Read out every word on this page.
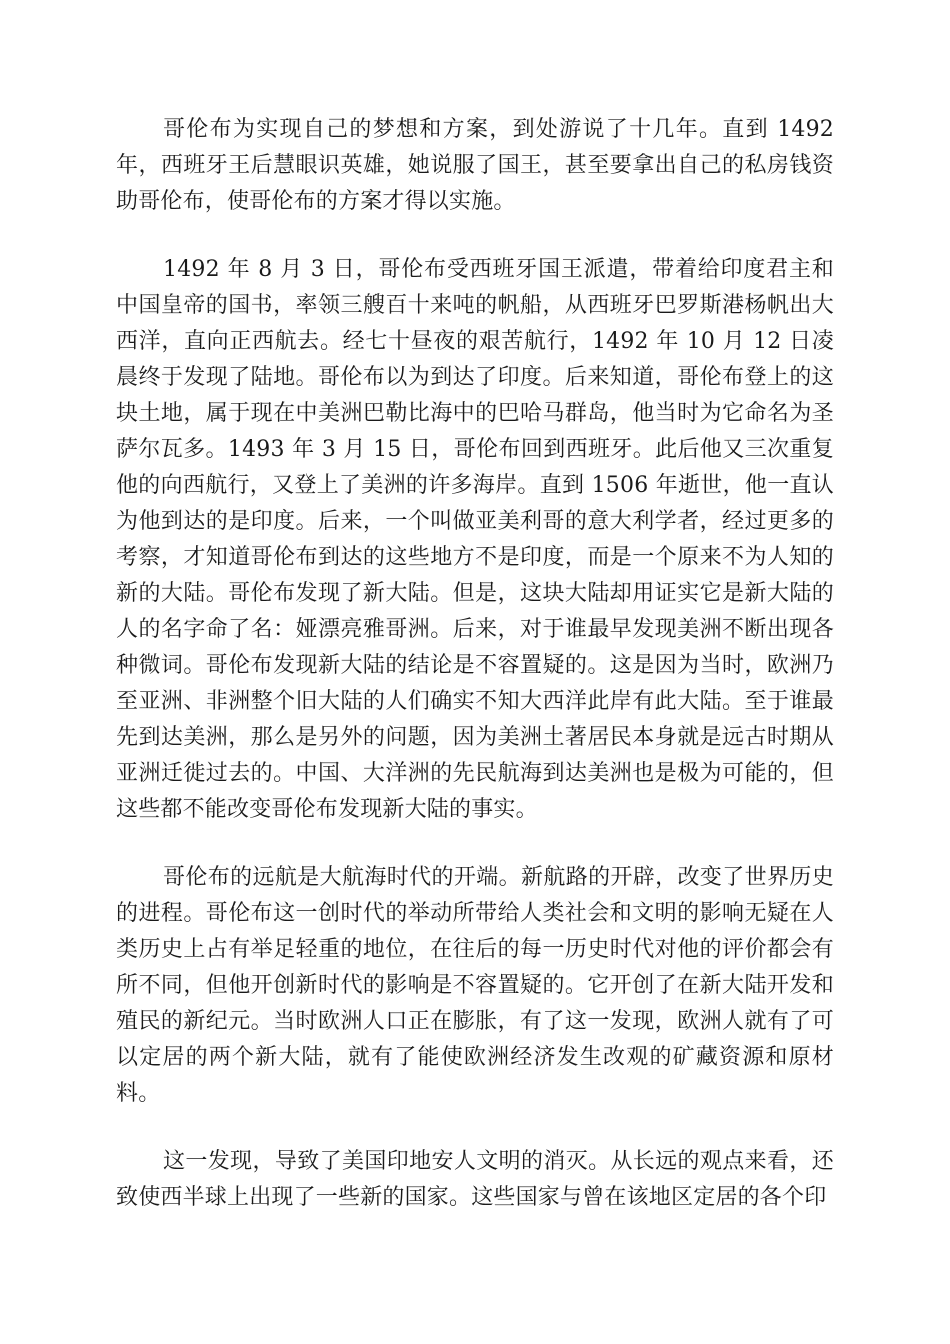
哥伦布为实现自己的梦想和方案，到处游说了十几年。直到 1492 年，西班牙王后慧眼识英雄，她说服了国王，甚至要拿出自己的私房钱资助哥伦布，使哥伦布的方案才得以实施。

1492 年 8 月 3 日，哥伦布受西班牙国王派遣，带着给印度君主和中国皇帝的国书，率领三艘百十来吨的帆船，从西班牙巴罗斯港杨帆出大西洋，直向正西航去。经七十昼夜的艰苦航行，1492 年 10 月 12 日凌晨终于发现了陆地。哥伦布以为到达了印度。后来知道，哥伦布登上的这块土地，属于现在中美洲巴勒比海中的巴哈马群岛，他当时为它命名为圣萨尔瓦多。1493 年 3 月 15 日，哥伦布回到西班牙。此后他又三次重复他的向西航行，又登上了美洲的许多海岸。直到 1506 年逝世，他一直认为他到达的是印度。后来，一个叫做亚美利哥的意大利学者，经过更多的考察，才知道哥伦布到达的这些地方不是印度，而是一个原来不为人知的新的大陆。哥伦布发现了新大陆。但是，这块大陆却用证实它是新大陆的人的名字命了名：娅漂亮雅哥洲。后来，对于谁最早发现美洲不断出现各种微词。哥伦布发现新大陆的结论是不容置疑的。这是因为当时，欧洲乃至亚洲、非洲整个旧大陆的人们确实不知大西洋此岸有此大陆。至于谁最先到达美洲，那么是另外的问题，因为美洲土著居民本身就是远古时期从亚洲迁徙过去的。中国、大洋洲的先民航海到达美洲也是极为可能的，但这些都不能改变哥伦布发现新大陆的事实。

哥伦布的远航是大航海时代的开端。新航路的开辟，改变了世界历史的进程。哥伦布这一创时代的举动所带给人类社会和文明的影响无疑在人类历史上占有举足轻重的地位，在往后的每一历史时代对他的评价都会有所不同，但他开创新时代的影响是不容置疑的。它开创了在新大陆开发和殖民的新纪元。当时欧洲人口正在膨胀，有了这一发现，欧洲人就有了可以定居的两个新大陆，就有了能使欧洲经济发生改观的矿藏资源和原材料。

这一发现，导致了美国印地安人文明的消灭。从长远的观点来看，还致使西半球上出现了一些新的国家。这些国家与曾在该地区定居的各个印
